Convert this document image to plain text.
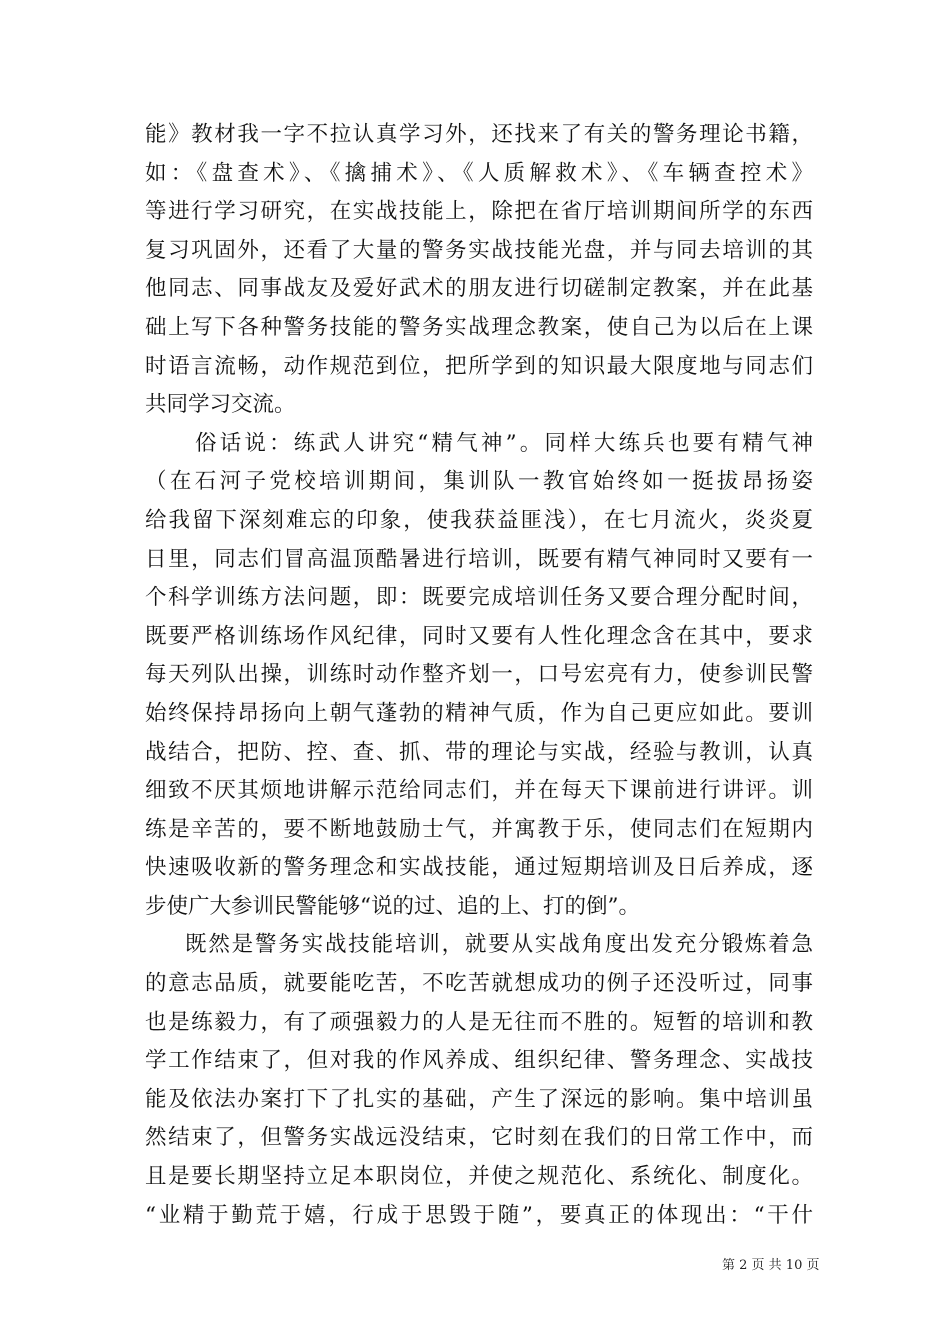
能》教材我一字不拉认真学习外，还找来了有关的警务理论书籍，
如：《盘查术》、《擒捕术》、《人质解救术》、《车辆查控术》
等进行学习研究，在实战技能上，除把在省厅培训期间所学的东西
复习巩固外，还看了大量的警务实战技能光盘，并与同去培训的其
他同志、同事战友及爱好武术的朋友进行切磋制定教案，并在此基
础上写下各种警务技能的警务实战理念教案，使自己为以后在上课
时语言流畅，动作规范到位，把所学到的知识最大限度地与同志们
共同学习交流。
俗话说：练武人讲究“精气神”。同样大练兵也要有精气神
（在石河子党校培训期间，集训队一教官始终如一挺拔昂扬姿
给我留下深刻难忘的印象，使我获益匪浅），在七月流火，炎炎夏
日里，同志们冒高温顶酷暑进行培训，既要有精气神同时又要有一
个科学训练方法问题，即：既要完成培训任务又要合理分配时间，
既要严格训练场作风纪律，同时又要有人性化理念含在其中，要求
每天列队出操，训练时动作整齐划一，口号宏亮有力，使参训民警
始终保持昂扬向上朝气蓬勃的精神气质，作为自己更应如此。要训
战结合，把防、控、查、抓、带的理论与实战，经验与教训，认真
细致不厌其烦地讲解示范给同志们，并在每天下课前进行讲评。训
练是辛苦的，要不断地鼓励士气，并寓教于乐，使同志们在短期内
快速吸收新的警务理念和实战技能，通过短期培训及日后养成，逐
步使广大参训民警能够“说的过、追的上、打的倒”。
既然是警务实战技能培训，就要从实战角度出发充分锻炼着急
的意志品质，就要能吃苦，不吃苦就想成功的例子还没听过，同事
也是练毅力，有了顽强毅力的人是无往而不胜的。短暂的培训和教
学工作结束了，但对我的作风养成、组织纪律、警务理念、实战技
能及依法办案打下了扎实的基础，产生了深远的影响。集中培训虽
然结束了，但警务实战远没结束，它时刻在我们的日常工作中，而
且是要长期坚持立足本职岗位，并使之规范化、系统化、制度化。
“业精于勤荒于嬉，行成于思毁于随”，要真正的体现出：“干什
第 2 页 共 10 页
